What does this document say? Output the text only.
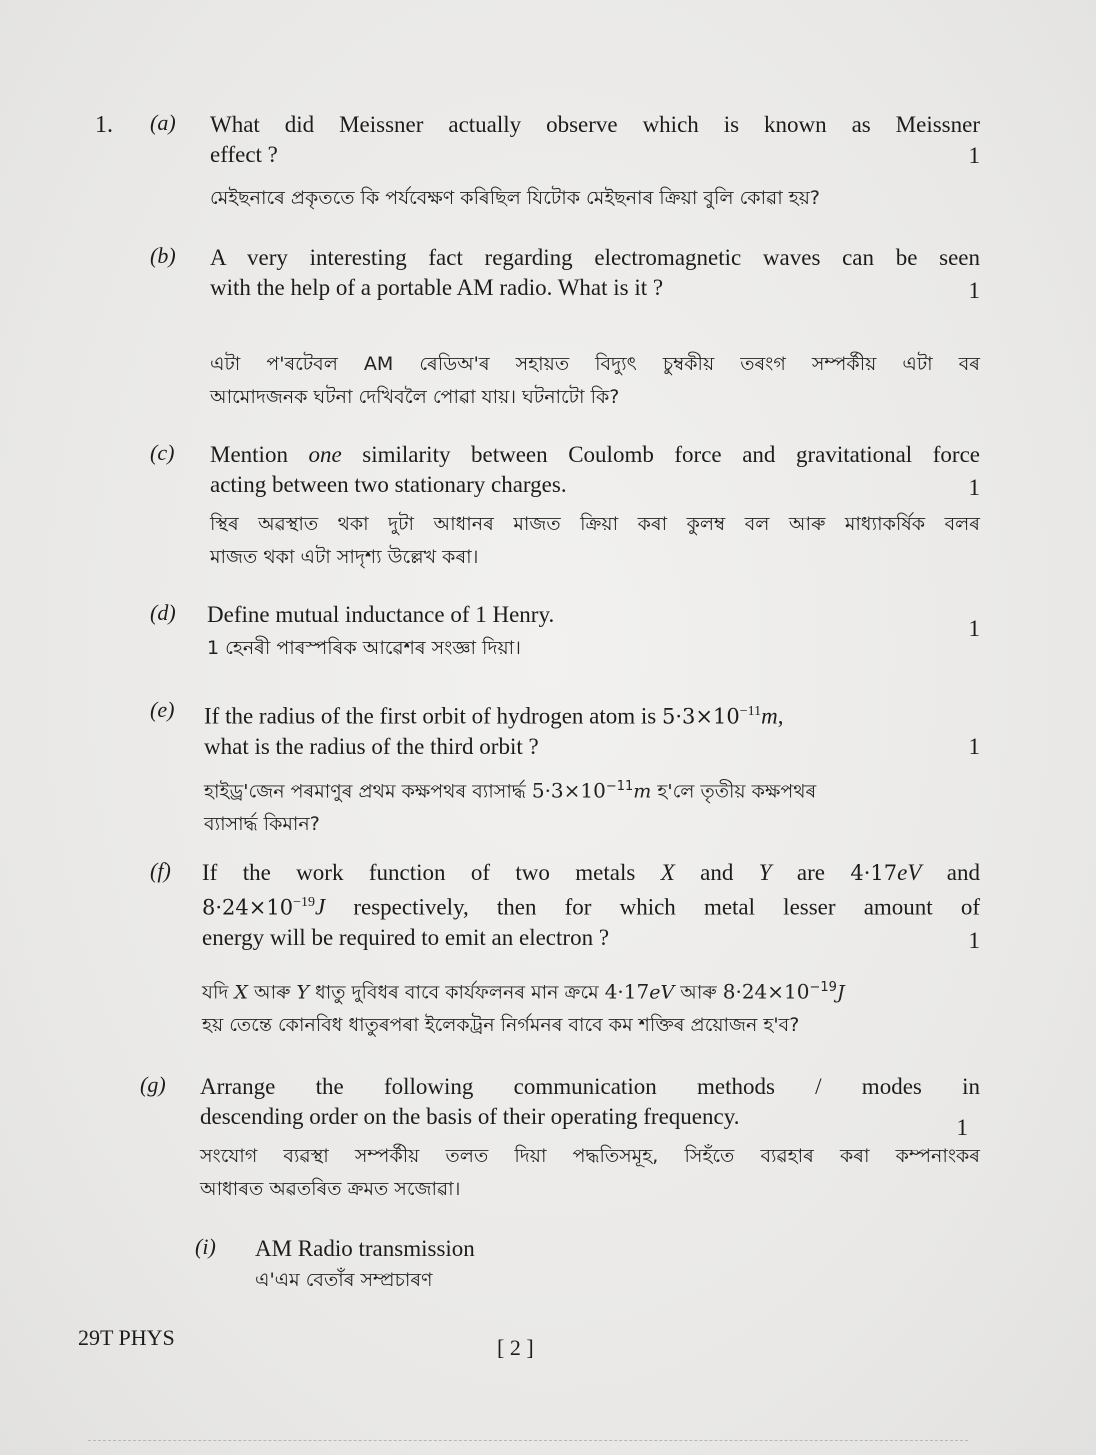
1. (a) What did Meissner actually observe which is known as Meissner
effect ?	1
মেইছনাৰে প্ৰকৃততে কি পৰ্যবেক্ষণ কৰিছিল যিটোক মেইছনাৰ ক্ৰিয়া বুলি কোৱা হয়?
(b) A very interesting fact regarding electromagnetic waves can be seen
with the help of a portable AM radio. What is it ?	1
এটা প'ৰটেবল AM ৰেডিঅ'ৰ সহায়ত বিদ্যুৎ চুম্বকীয় তৰংগ সম্পৰ্কীয় এটা বৰ
আমোদজনক ঘটনা দেখিবলৈ পোৱা যায়। ঘটনাটো কি?
(c) Mention one similarity between Coulomb force and gravitational force
acting between two stationary charges.	1
স্থিৰ অৱস্থাত থকা দুটা আধানৰ মাজত ক্ৰিয়া কৰা কুলম্ব বল আৰু মাধ্যাকৰ্ষিক বলৰ
মাজত থকা এটা সাদৃশ্য উল্লেখ কৰা।
(d) Define mutual inductance of 1 Henry.
1
1 হেনৰী পাৰস্পৰিক আৱেশৰ সংজ্ঞা দিয়া।
(e) If the radius of the first orbit of hydrogen atom is $5\cdot 3\times 10^{-11}m$,
what is the radius of the third orbit ?	1
হাইড্ৰ'জেন পৰমাণুৰ প্ৰথম কক্ষপথৰ ব্যাসাৰ্দ্ধ $5\cdot 3\times 10^{-11}m$ হ'লে তৃতীয় কক্ষপথৰ
ব্যাসাৰ্দ্ধ কিমান?
(f) If the work function of two metals X and Y are 4·17eV and
$8\cdot 24\times 10^{-19}J$ respectively, then for which metal lesser amount of
energy will be required to emit an electron ?	1
যদি X আৰু Y ধাতু দুবিধৰ বাবে কাৰ্যফলনৰ মান ক্ৰমে 4·17eV আৰু $8\cdot 24\times 10^{-19}J$
হয় তেন্তে কোনবিধ ধাতুৰপৰা ইলেকট্ৰন নিৰ্গমনৰ বাবে কম শক্তিৰ প্ৰয়োজন হ'ব?
(g) Arrange the following communication methods / modes in
descending order on the basis of their operating frequency.	1
সংযোগ ব্যৱস্থা সম্পৰ্কীয় তলত দিয়া পদ্ধতিসমূহ, সিহঁতে ব্যৱহাৰ কৰা কম্পনাংকৰ
আধাৰত অৱতৰিত ক্ৰমত সজোৱা।
(i) AM Radio transmission
এ'এম বেতাঁৰ সম্প্ৰচাৰণ
29T PHYS	[ 2 ]
